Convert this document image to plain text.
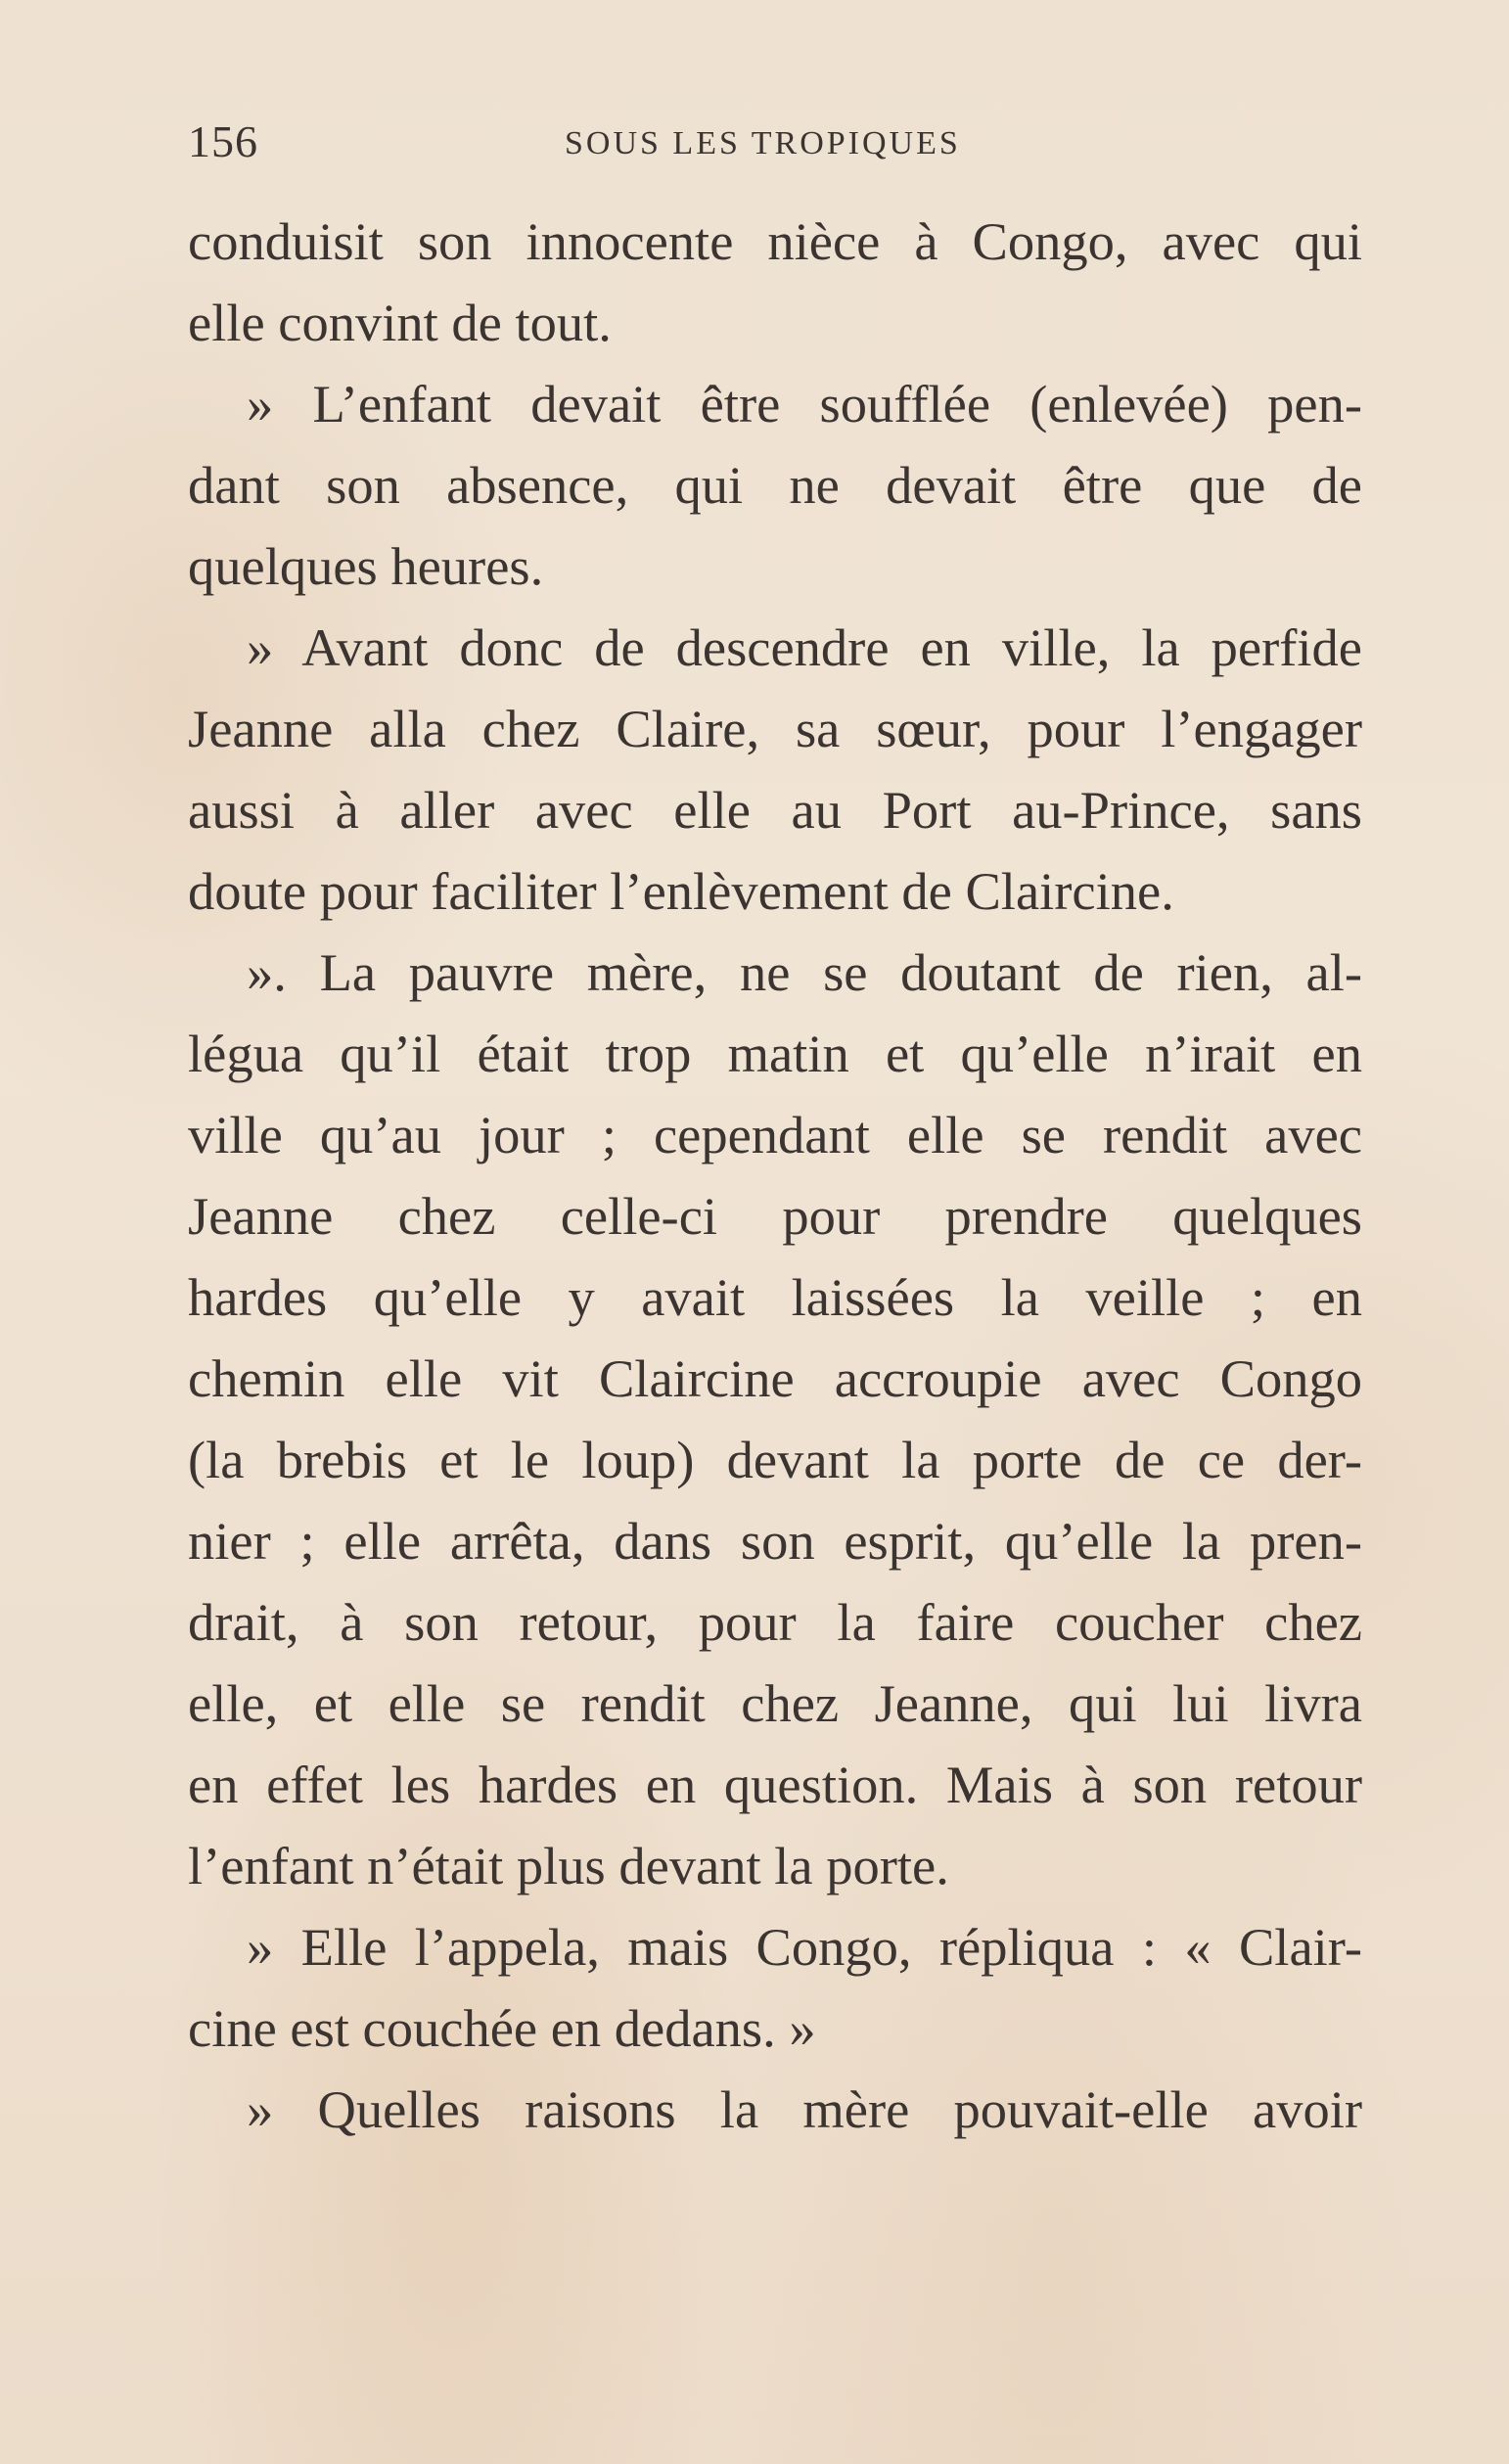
156	SOUS LES TROPIQUES
conduisit son innocente nièce à Congo, avec qui
elle convint de tout.
» L’enfant devait être soufflée (enlevée) pen-
dant son absence, qui ne devait être que de
quelques heures.
» Avant donc de descendre en ville, la perfide
Jeanne alla chez Claire, sa sœur, pour l’engager
aussi à aller avec elle au Port au-Prince, sans
doute pour faciliter l’enlèvement de Claircine.
». La pauvre mère, ne se doutant de rien, al-
légua qu’il était trop matin et qu’elle n’irait en
ville qu’au jour ; cependant elle se rendit avec
Jeanne chez celle-ci pour prendre quelques
hardes qu’elle y avait laissées la veille ; en
chemin elle vit Claircine accroupie avec Congo
(la brebis et le loup) devant la porte de ce der-
nier ; elle arrêta, dans son esprit, qu’elle la pren-
drait, à son retour, pour la faire coucher chez
elle, et elle se rendit chez Jeanne, qui lui livra
en effet les hardes en question. Mais à son retour
l’enfant n’était plus devant la porte.
» Elle l’appela, mais Congo, répliqua : « Clair-
cine est couchée en dedans. »
» Quelles raisons la mère pouvait-elle avoir
